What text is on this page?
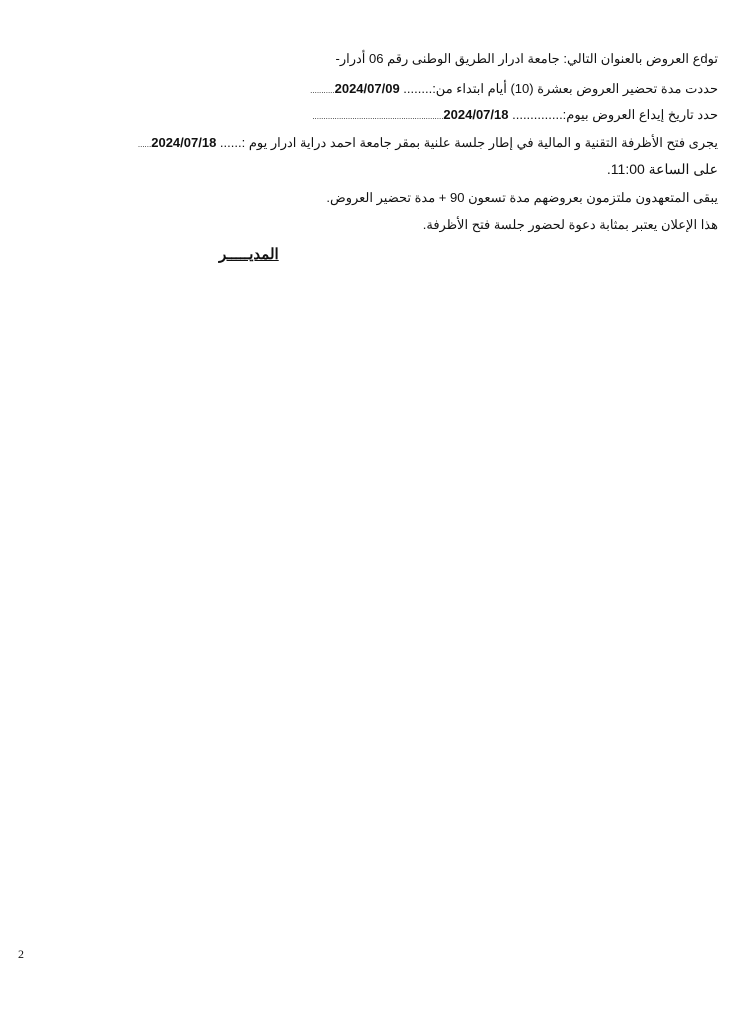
توdع العروض بالعنوان التالي: جامعة ادرار الطريق الوطنى رقم 06 أدرار-
حددت مدة تحضير العروض بعشرة (10) أيام ابتداء من:........ 2024/07/09...........
حدد تاريخ إيداع العروض بيوم:.............. 2024/07/18...........................................................
يجرى فتح الأظرفة التقنية و المالية في إطار جلسة علنية بمقر جامعة احمد دراية ادرار يوم :...... 2024/07/18......
على الساعة 11:00.
يبقى المتعهدون ملتزمون بعروضهم مدة تسعون 90 + مدة تحضير العروض.
هذا الإعلان يعتبر بمثابة دعوة لحضور جلسة فتح الأظرفة.
المديـــــر
2
